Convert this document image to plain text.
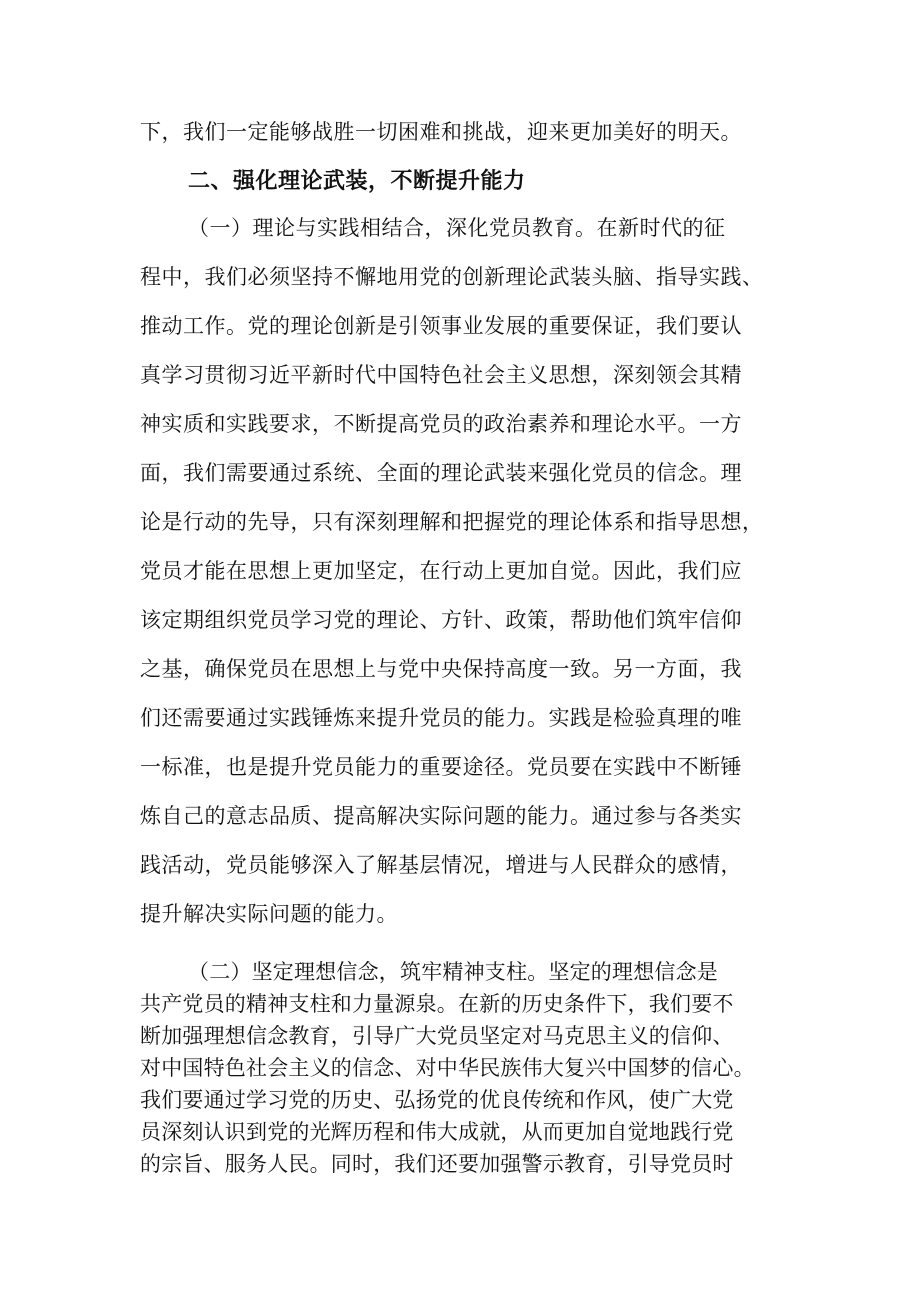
下，我们一定能够战胜一切困难和挑战，迎来更加美好的明天。
二、强化理论武装，不断提升能力
（一）理论与实践相结合，深化党员教育。在新时代的征
程中，我们必须坚持不懈地用党的创新理论武装头脑、指导实践、
推动工作。党的理论创新是引领事业发展的重要保证，我们要认
真学习贯彻习近平新时代中国特色社会主义思想，深刻领会其精
神实质和实践要求，不断提高党员的政治素养和理论水平。一方
面，我们需要通过系统、全面的理论武装来强化党员的信念。理
论是行动的先导，只有深刻理解和把握党的理论体系和指导思想，
党员才能在思想上更加坚定，在行动上更加自觉。因此，我们应
该定期组织党员学习党的理论、方针、政策，帮助他们筑牢信仰
之基，确保党员在思想上与党中央保持高度一致。另一方面，我
们还需要通过实践锤炼来提升党员的能力。实践是检验真理的唯
一标准，也是提升党员能力的重要途径。党员要在实践中不断锤
炼自己的意志品质、提高解决实际问题的能力。通过参与各类实
践活动，党员能够深入了解基层情况，增进与人民群众的感情，
提升解决实际问题的能力。
（二）坚定理想信念，筑牢精神支柱。坚定的理想信念是
共产党员的精神支柱和力量源泉。在新的历史条件下，我们要不
断加强理想信念教育，引导广大党员坚定对马克思主义的信仰、
对中国特色社会主义的信念、对中华民族伟大复兴中国梦的信心。
我们要通过学习党的历史、弘扬党的优良传统和作风，使广大党
员深刻认识到党的光辉历程和伟大成就，从而更加自觉地践行党
的宗旨、服务人民。同时，我们还要加强警示教育，引导党员时
